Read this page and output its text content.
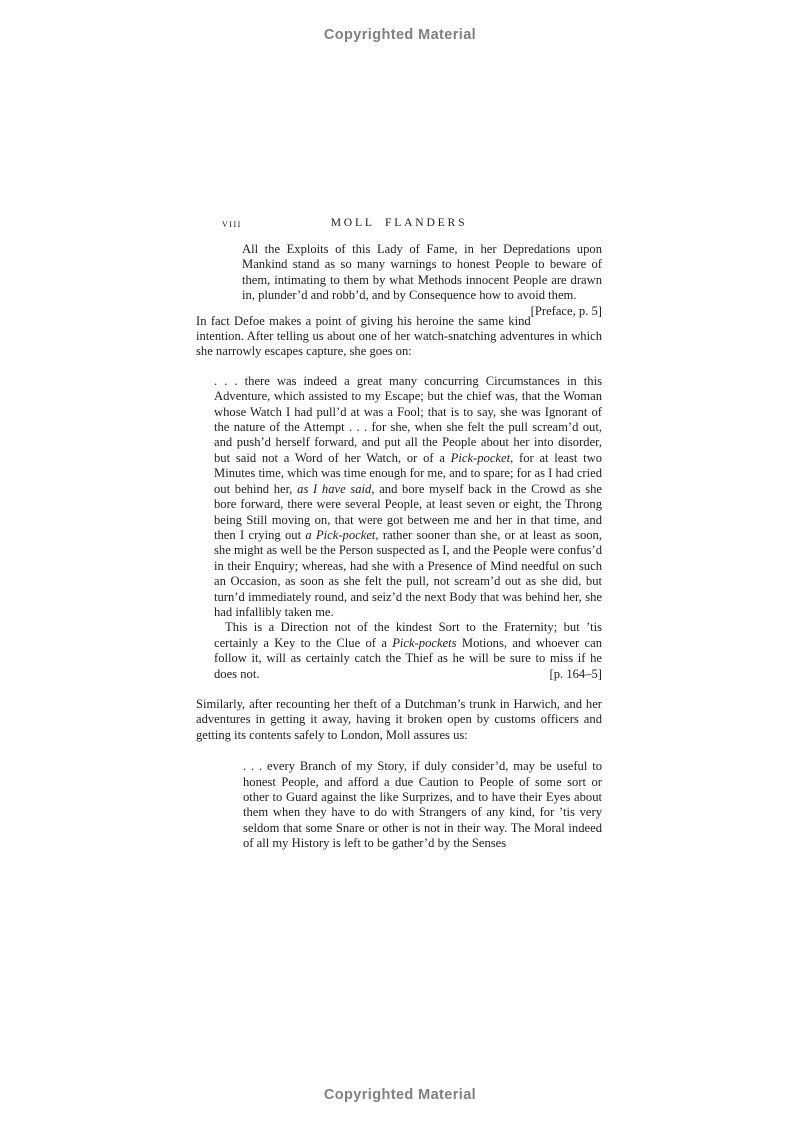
Copyrighted Material
viii	MOLL FLANDERS

All the Exploits of this Lady of Fame, in her Depredations upon Mankind stand as so many warnings to honest People to beware of them, intimating to them by what Methods innocent People are drawn in, plunder’d and robb’d, and by Consequence how to avoid them.
[Preface, p. 5]

In fact Defoe makes a point of giving his heroine the same kind intention. After telling us about one of her watch-snatching adventures in which she narrowly escapes capture, she goes on:

. . . there was indeed a great many concurring Circumstances in this Adventure, which assisted to my Escape; but the chief was, that the Woman whose Watch I had pull’d at was a Fool; that is to say, she was Ignorant of the nature of the Attempt . . . for she, when she felt the pull scream’d out, and push’d herself forward, and put all the People about her into disorder, but said not a Word of her Watch, or of a Pick-pocket, for at least two Minutes time, which was time enough for me, and to spare; for as I had cried out behind her, as I have said, and bore myself back in the Crowd as she bore forward, there were several People, at least seven or eight, the Throng being Still moving on, that were got between me and her in that time, and then I crying out a Pick-pocket, rather sooner than she, or at least as soon, she might as well be the Person suspected as I, and the People were confus’d in their Enquiry; whereas, had she with a Presence of Mind needful on such an Occasion, as soon as she felt the pull, not scream’d out as she did, but turn’d immediately round, and seiz’d the next Body that was behind her, she had infallibly taken me.

This is a Direction not of the kindest Sort to the Fraternity; but ’tis certainly a Key to the Clue of a Pick-pockets Motions, and whoever can follow it, will as certainly catch the Thief as he will be sure to miss if he does not.	[p. 164–5]

Similarly, after recounting her theft of a Dutchman’s trunk in Harwich, and her adventures in getting it away, having it broken open by customs officers and getting its contents safely to London, Moll assures us:

. . . every Branch of my Story, if duly consider’d, may be useful to honest People, and afford a due Caution to People of some sort or other to Guard against the like Surprizes, and to have their Eyes about them when they have to do with Strangers of any kind, for ’tis very seldom that some Snare or other is not in their way. The Moral indeed of all my History is left to be gather’d by the Senses

Copyrighted Material
